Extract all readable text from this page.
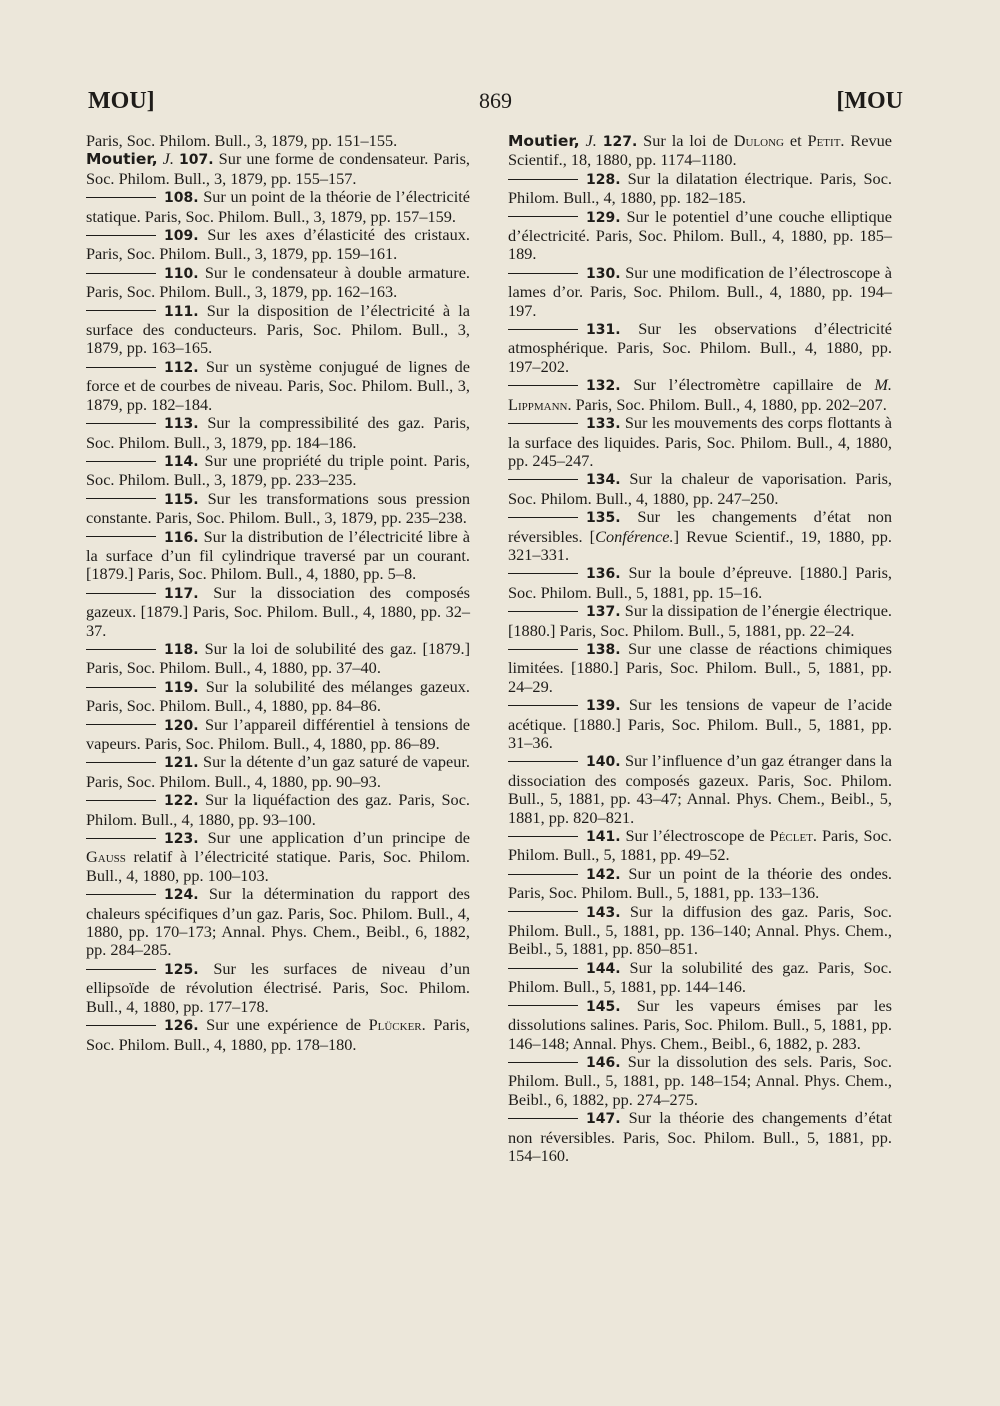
MOU]	869	[MOU

Paris, Soc. Philom. Bull., 3, 1879, pp. 151–155.

Moutier, J. 107. Sur une forme de condensateur. Paris, Soc. Philom. Bull., 3, 1879, pp. 155–157.

108. Sur un point de la théorie de l’électricité statique. Paris, Soc. Philom. Bull., 3, 1879, pp. 157–159.

109. Sur les axes d’élasticité des cristaux. Paris, Soc. Philom. Bull., 3, 1879, pp. 159–161.

110. Sur le condensateur à double armature. Paris, Soc. Philom. Bull., 3, 1879, pp. 162–163.

111. Sur la disposition de l’électricité à la surface des conducteurs. Paris, Soc. Philom. Bull., 3, 1879, pp. 163–165.

112. Sur un système conjugué de lignes de force et de courbes de niveau. Paris, Soc. Philom. Bull., 3, 1879, pp. 182–184.

113. Sur la compressibilité des gaz. Paris, Soc. Philom. Bull., 3, 1879, pp. 184–186.

114. Sur une propriété du triple point. Paris, Soc. Philom. Bull., 3, 1879, pp. 233–235.

115. Sur les transformations sous pression constante. Paris, Soc. Philom. Bull., 3, 1879, pp. 235–238.

116. Sur la distribution de l’électricité libre à la surface d’un fil cylindrique traversé par un courant. [1879.] Paris, Soc. Philom. Bull., 4, 1880, pp. 5–8.

117. Sur la dissociation des composés gazeux. [1879.] Paris, Soc. Philom. Bull., 4, 1880, pp. 32–37.

118. Sur la loi de solubilité des gaz. [1879.] Paris, Soc. Philom. Bull., 4, 1880, pp. 37–40.

119. Sur la solubilité des mélanges gazeux. Paris, Soc. Philom. Bull., 4, 1880, pp. 84–86.

120. Sur l’appareil différentiel à tensions de vapeurs. Paris, Soc. Philom. Bull., 4, 1880, pp. 86–89.

121. Sur la détente d’un gaz saturé de vapeur. Paris, Soc. Philom. Bull., 4, 1880, pp. 90–93.

122. Sur la liquéfaction des gaz. Paris, Soc. Philom. Bull., 4, 1880, pp. 93–100.

123. Sur une application d’un principe de Gauss relatif à l’électricité statique. Paris, Soc. Philom. Bull., 4, 1880, pp. 100–103.

124. Sur la détermination du rapport des chaleurs spécifiques d’un gaz. Paris, Soc. Philom. Bull., 4, 1880, pp. 170–173; Annal. Phys. Chem., Beibl., 6, 1882, pp. 284–285.

125. Sur les surfaces de niveau d’un ellipsoïde de révolution électrisé. Paris, Soc. Philom. Bull., 4, 1880, pp. 177–178.

126. Sur une expérience de Plücker. Paris, Soc. Philom. Bull., 4, 1880, pp. 178–180.

Moutier, J. 127. Sur la loi de Dulong et Petit. Revue Scientif., 18, 1880, pp. 1174–1180.

128. Sur la dilatation électrique. Paris, Soc. Philom. Bull., 4, 1880, pp. 182–185.

129. Sur le potentiel d’une couche elliptique d’électricité. Paris, Soc. Philom. Bull., 4, 1880, pp. 185–189.

130. Sur une modification de l’électroscope à lames d’or. Paris, Soc. Philom. Bull., 4, 1880, pp. 194–197.

131. Sur les observations d’électricité atmosphérique. Paris, Soc. Philom. Bull., 4, 1880, pp. 197–202.

132. Sur l’électromètre capillaire de M. Lippmann. Paris, Soc. Philom. Bull., 4, 1880, pp. 202–207.

133. Sur les mouvements des corps flottants à la surface des liquides. Paris, Soc. Philom. Bull., 4, 1880, pp. 245–247.

134. Sur la chaleur de vaporisation. Paris, Soc. Philom. Bull., 4, 1880, pp. 247–250.

135. Sur les changements d’état non réversibles. [Conférence.] Revue Scientif., 19, 1880, pp. 321–331.

136. Sur la boule d’épreuve. [1880.] Paris, Soc. Philom. Bull., 5, 1881, pp. 15–16.

137. Sur la dissipation de l’énergie électrique. [1880.] Paris, Soc. Philom. Bull., 5, 1881, pp. 22–24.

138. Sur une classe de réactions chimiques limitées. [1880.] Paris, Soc. Philom. Bull., 5, 1881, pp. 24–29.

139. Sur les tensions de vapeur de l’acide acétique. [1880.] Paris, Soc. Philom. Bull., 5, 1881, pp. 31–36.

140. Sur l’influence d’un gaz étranger dans la dissociation des composés gazeux. Paris, Soc. Philom. Bull., 5, 1881, pp. 43–47; Annal. Phys. Chem., Beibl., 5, 1881, pp. 820–821.

141. Sur l’électroscope de Péclet. Paris, Soc. Philom. Bull., 5, 1881, pp. 49–52.

142. Sur un point de la théorie des ondes. Paris, Soc. Philom. Bull., 5, 1881, pp. 133–136.

143. Sur la diffusion des gaz. Paris, Soc. Philom. Bull., 5, 1881, pp. 136–140; Annal. Phys. Chem., Beibl., 5, 1881, pp. 850–851.

144. Sur la solubilité des gaz. Paris, Soc. Philom. Bull., 5, 1881, pp. 144–146.

145. Sur les vapeurs émises par les dissolutions salines. Paris, Soc. Philom. Bull., 5, 1881, pp. 146–148; Annal. Phys. Chem., Beibl., 6, 1882, p. 283.

146. Sur la dissolution des sels. Paris, Soc. Philom. Bull., 5, 1881, pp. 148–154; Annal. Phys. Chem., Beibl., 6, 1882, pp. 274–275.

147. Sur la théorie des changements d’état non réversibles. Paris, Soc. Philom. Bull., 5, 1881, pp. 154–160.
